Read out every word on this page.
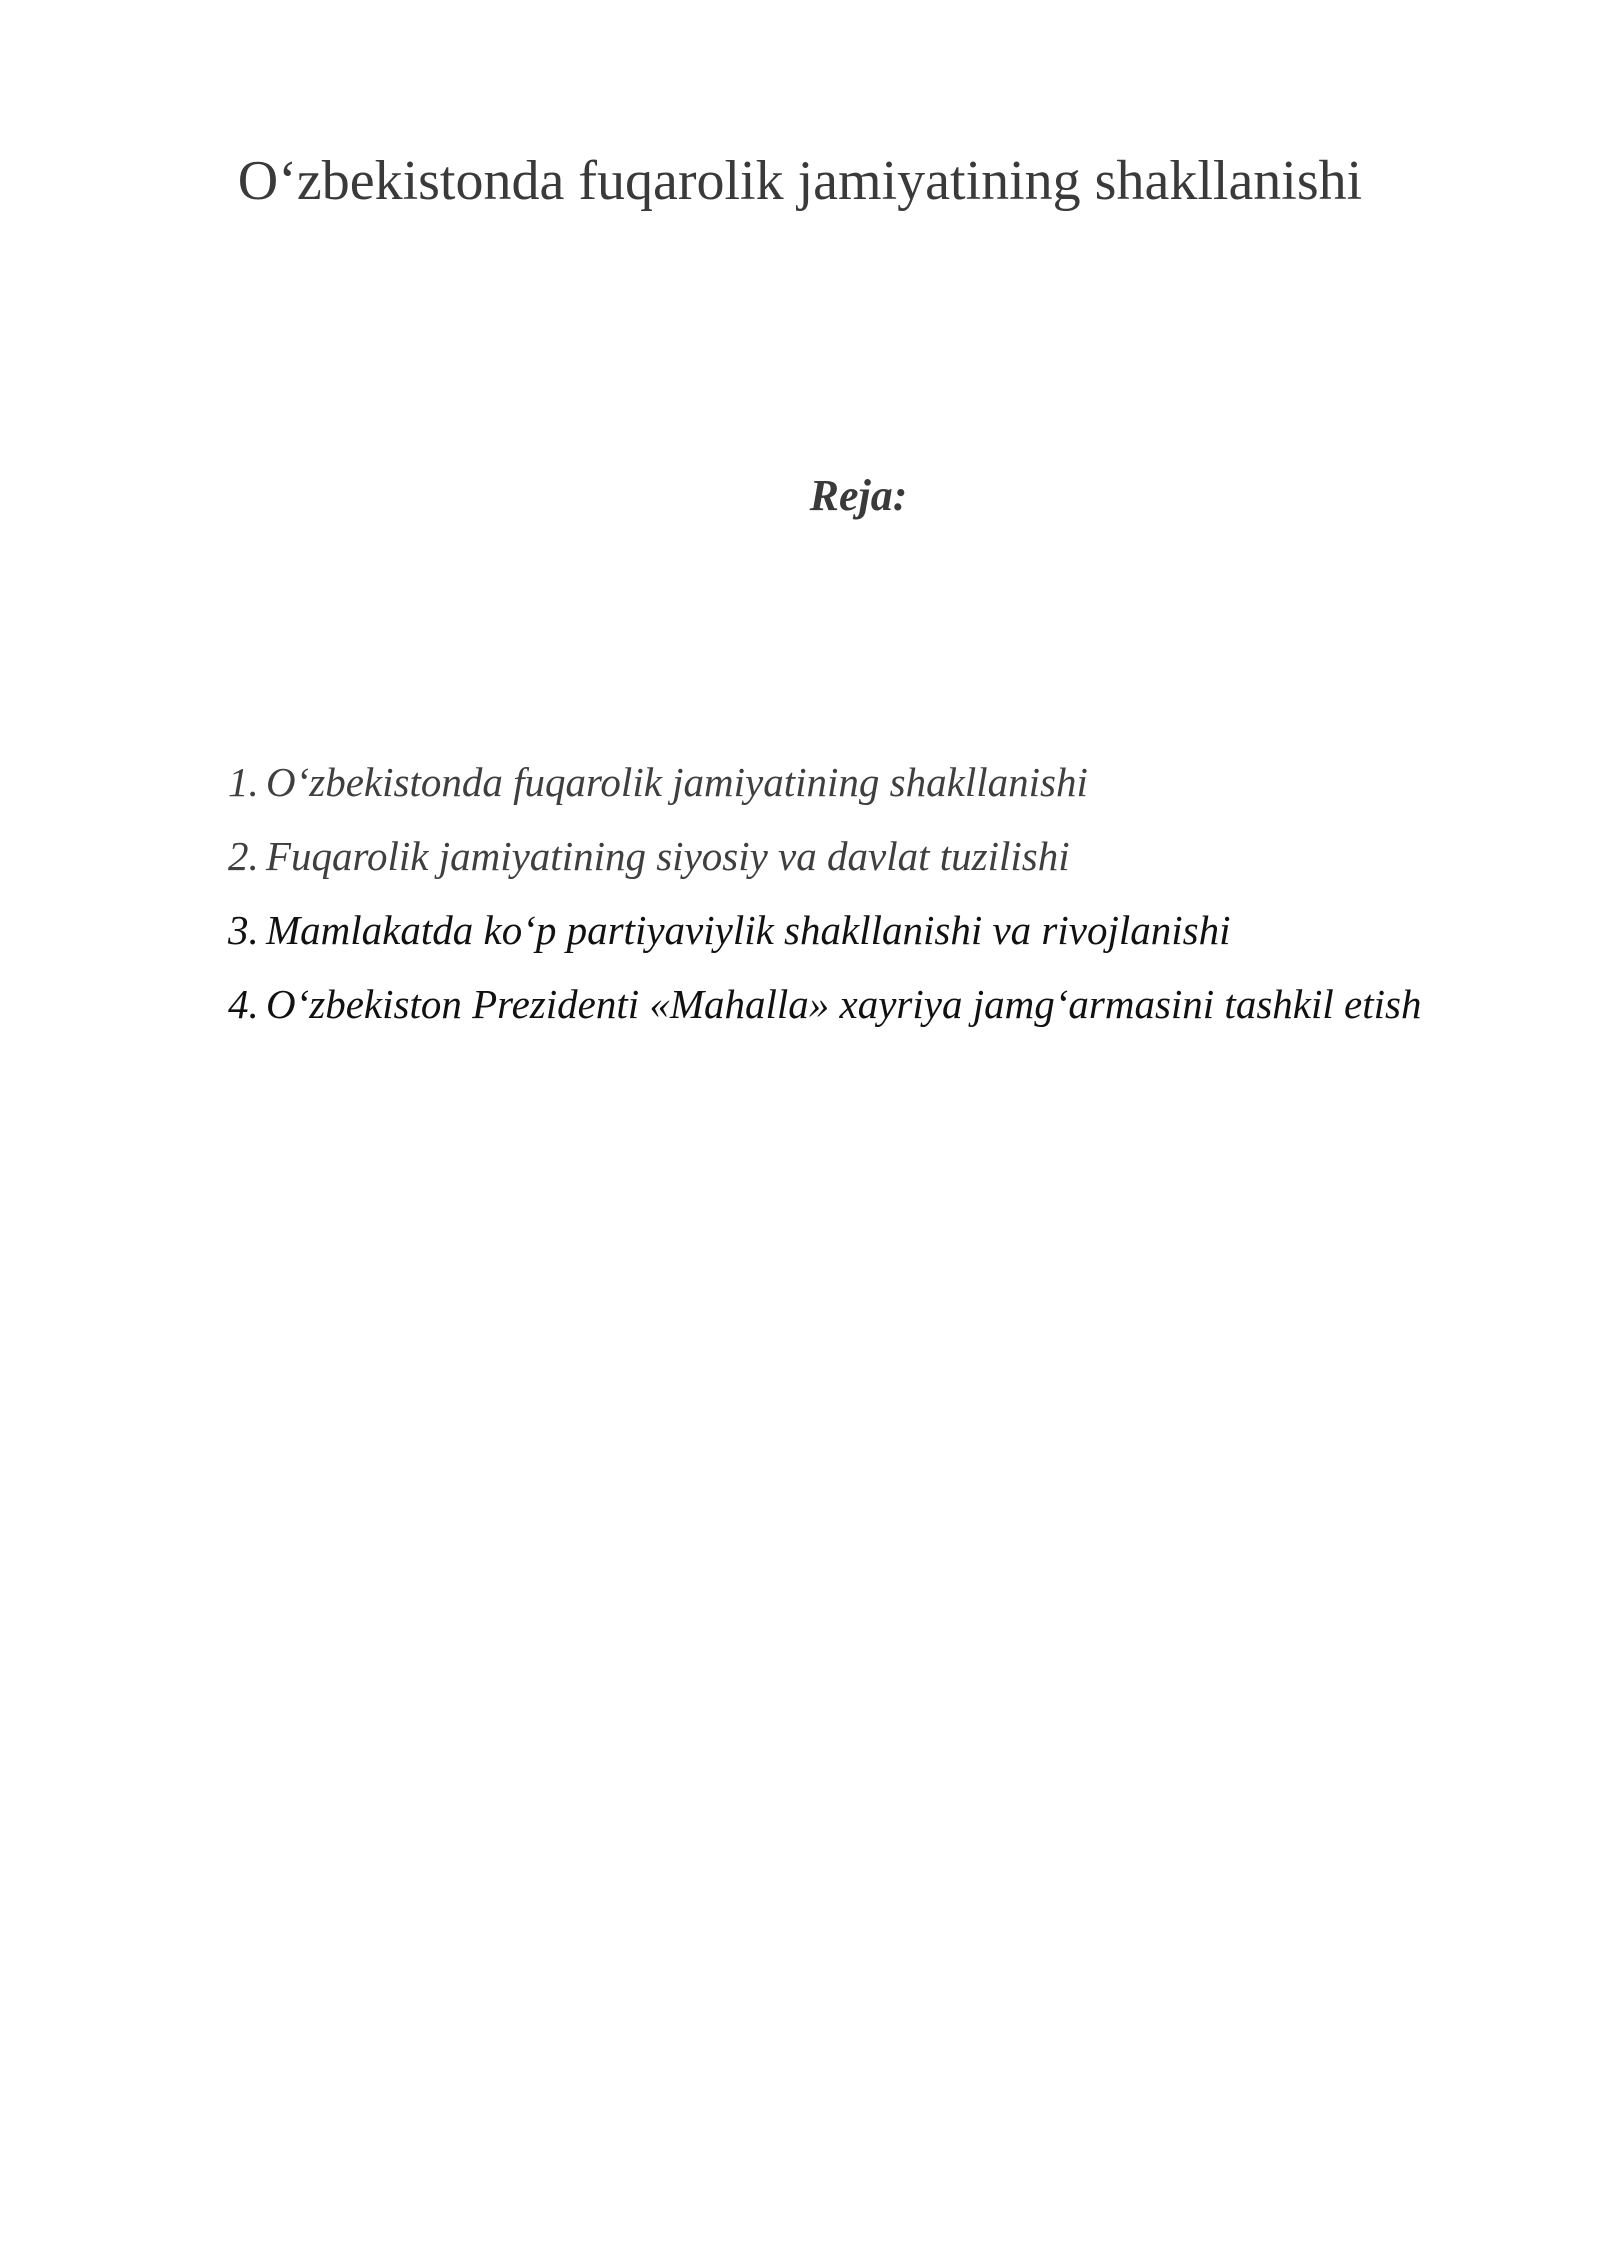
O‘zbekistonda fuqarolik jamiyatining shakllanishi
Reja:
1. O‘zbekistonda fuqarolik jamiyatining shakllanishi
2. Fuqarolik jamiyatining siyosiy va davlat tuzilishi
3. Mamlakatda ko‘p partiyaviylik shakllanishi va rivojlanishi
4. O‘zbekiston Prezidenti «Mahalla» xayriya jamg‘armasini tashkil etish
